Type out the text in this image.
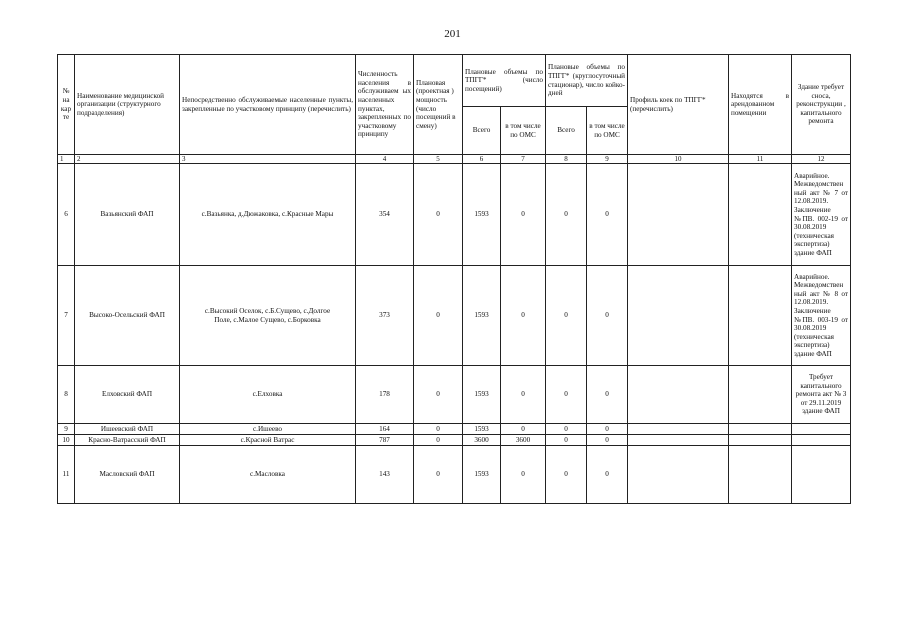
201
№ на кар те	Наименование медицинской организации (структурного подразделения)	Непосредственно обслуживаемые населенные пункты, закрепленные по участковому принципу (перечислить)	Численность населения в обслуживаем ых населенных пунктах, закрепленных по участковому принципу	Плановая (проектная ) мощность (число посещений в смену)	Плановые объемы по ТПГГ* (число посещений)		Плановые объемы по ТПГГ* (круглосуточный стационар), число койко-дней		Профиль коек по ТПГГ* (перечислить)	Находятся в арендованном помещении	Здание требует сноса, реконструкции , капитального ремонта
					Всего	в том числе по ОМС	Всего	в том числе по ОМС			
1	2	3	4	5	6	7	8	9	10	11	12
6	Вазьянский ФАП	с.Вазьянка, д.Дюжаковка, с.Красные Мары	354	0	1593	0	0	0			Аварийное. Межведомствен ный акт № 7 от 12.08.2019. Заключение №ПВ. 002-19 от 30.08.2019 (техническая экспертиза) здание ФАП
7	Высоко-Осельский ФАП	с.Высокий Оселок, с.Б.Сущево, с.Долгое Поле, с.Малое Сущево, с.Борковка	373	0	1593	0	0	0			Аварийное. Межведомствен ный акт № 8 от 12.08.2019. Заключение №ПВ. 003-19 от 30.08.2019 (техническая экспертиза) здание ФАП
8	Елховский ФАП	с.Елховка	178	0	1593	0	0	0			Требует капитального ремонта акт № 3 от 29.11.2019 здание ФАП
9	Ишеевский ФАП	с.Ишеево	164	0	1593	0	0	0			
10	Красно-Ватрасский ФАП	с.Красной Ватрас	787	0	3600	3600	0	0			
11	Масловский ФАП	с.Масловка	143	0	1593	0	0	0			
